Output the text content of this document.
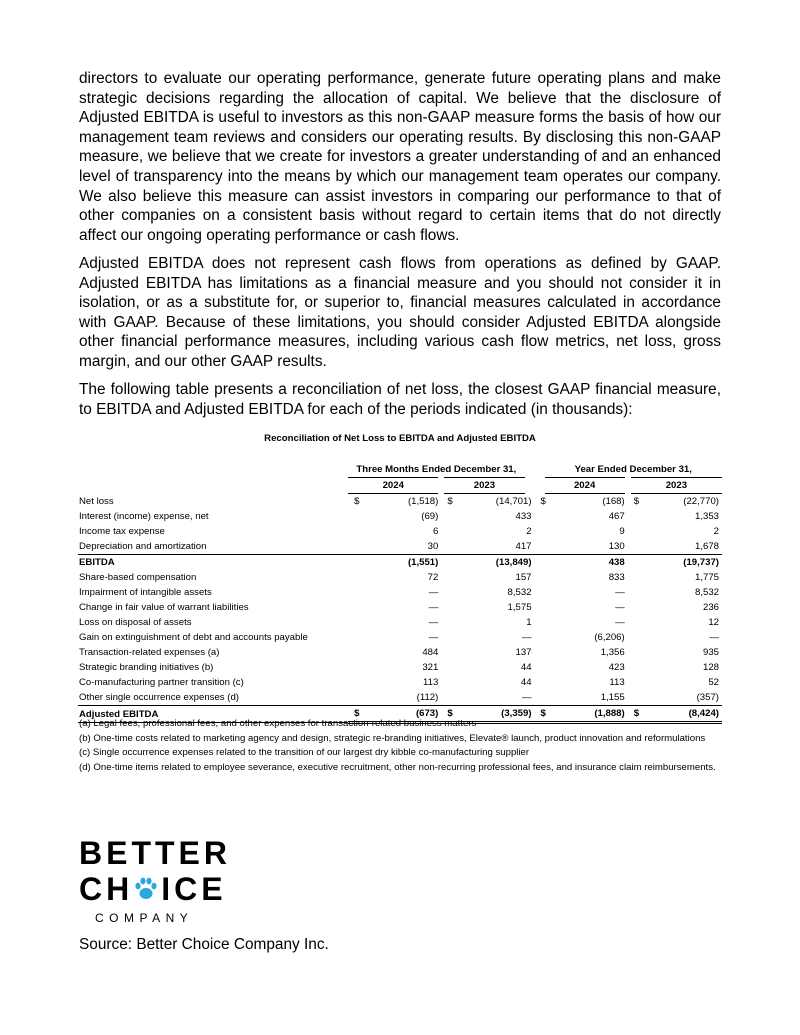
directors to evaluate our operating performance, generate future operating plans and make strategic decisions regarding the allocation of capital. We believe that the disclosure of Adjusted EBITDA is useful to investors as this non-GAAP measure forms the basis of how our management team reviews and considers our operating results. By disclosing this non-GAAP measure, we believe that we create for investors a greater understanding of and an enhanced level of transparency into the means by which our management team operates our company. We also believe this measure can assist investors in comparing our performance to that of other companies on a consistent basis without regard to certain items that do not directly affect our ongoing operating performance or cash flows.

Adjusted EBITDA does not represent cash flows from operations as defined by GAAP. Adjusted EBITDA has limitations as a financial measure and you should not consider it in isolation, or as a substitute for, or superior to, financial measures calculated in accordance with GAAP. Because of these limitations, you should consider Adjusted EBITDA alongside other financial performance measures, including various cash flow metrics, net loss, gross margin, and our other GAAP results.

The following table presents a reconciliation of net loss, the closest GAAP financial measure, to EBITDA and Adjusted EBITDA for each of the periods indicated (in thousands):

Reconciliation of Net Loss to EBITDA and Adjusted EBITDA
	Three Months Ended December 31,				Year Ended December 31,			
	2024		2023		2024		2023	
Net loss	$	(1,518)	$	(14,701)	$	(168)	$	(22,770)
Interest (income) expense, net		(69)		433		467		1,353
Income tax expense		6		2		9		2
Depreciation and amortization		30		417		130		1,678
EBITDA		(1,551)		(13,849)		438		(19,737)
Share-based compensation		72		157		833		1,775
Impairment of intangible assets		—		8,532		—		8,532
Change in fair value of warrant liabilities		—		1,575		—		236
Loss on disposal of assets		—		1		—		12
Gain on extinguishment of debt and accounts payable		—		—		(6,206)		—
Transaction-related expenses (a)		484		137		1,356		935
Strategic branding initiatives (b)		321		44		423		128
Co-manufacturing partner transition (c)		113		44		113		52
Other single occurrence expenses (d)		(112)		—		1,155		(357)
Adjusted EBITDA	$	(673)	$	(3,359)	$	(1,888)	$	(8,424)

(a) Legal fees, professional fees, and other expenses for transaction-related business matters

(b) One-time costs related to marketing agency and design, strategic re-branding initiatives, Elevate® launch, product innovation and reformulations

(c) Single occurrence expenses related to the transition of our largest dry kibble co-manufacturing supplier

(d) One-time items related to employee severance, executive recruitment, other non-recurring professional fees, and insurance claim reimbursements.

BETTER
CH ICE
COMPANY
Source: Better Choice Company Inc.
